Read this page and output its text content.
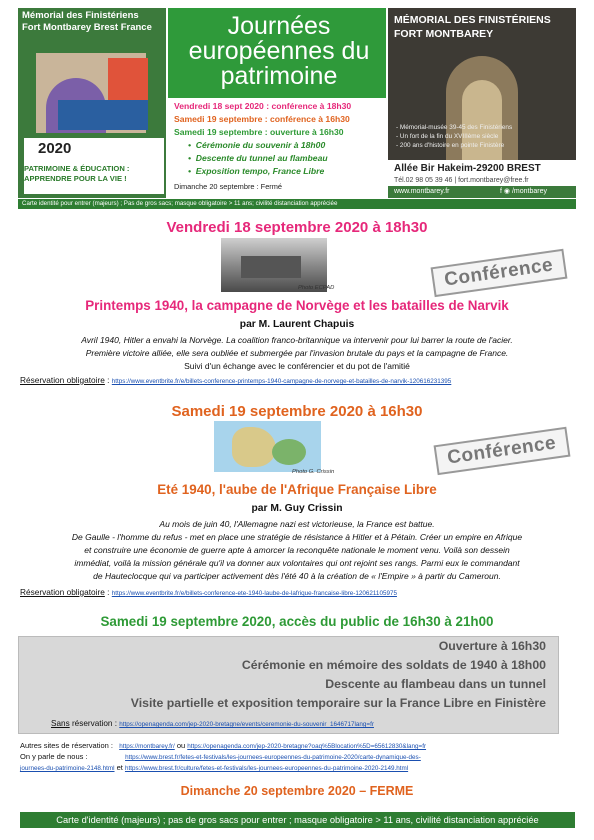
Mémorial des Finistériens
Fort Montbarey Brest France
2020
PATRIMOINE & ÉDUCATION :
APPRENDRE POUR LA VIE !
Journées européennes du patrimoine
Vendredi 18 sept 2020 : conférence à 18h30
Samedi 19 septembre : conférence à 16h30
Samedi 19 septembre : ouverture à 16h30
•  Cérémonie du souvenir à 18h00
•  Descente du tunnel au flambeau
•  Exposition tempo, France Libre
Dimanche 20 septembre : Fermé
MÉMORIAL DES FINISTÉRIENS
FORT MONTBAREY
- Mémorial-musée 39-45 des Finistériens
- Un fort de la fin du XVIIIème siècle
- 200 ans d'histoire en pointe Finistère
Allée Bir Hakeim-29200 BREST
Tél.02 98 05 39 46 | fort.montbarey@free.fr
www.montbarey.fr	f ◉ /montbarey
Carte identité pour entrer (majeurs) ; Pas de gros sacs; masque obligatoire > 11 ans; civilité distanciation appréciée
Vendredi 18 septembre 2020 à 18h30
Photo ECPAD	Conférence
Printemps 1940, la campagne de Norvège et les batailles de Narvik
par M. Laurent Chapuis
Avril 1940, Hitler a envahi la Norvège. La coalition franco-britannique va intervenir pour lui barrer la route de l'acier.
Première victoire alliée, elle sera oubliée et submergée par l'invasion brutale du pays et la campagne de France.
Suivi d'un échange avec le conférencier et du pot de l'amitié
Réservation obligatoire : https://www.eventbrite.fr/e/billets-conference-printemps-1940-campagne-de-norvege-et-batailles-de-narvik-120616231395
Samedi 19 septembre 2020 à 16h30
Photo G. Crissin
Conférence
Eté 1940, l'aube de l'Afrique Française Libre
par M. Guy Crissin
Au mois de juin 40, l'Allemagne nazi est victorieuse, la France est battue.
De Gaulle - l'homme du refus - met en place une stratégie de résistance à Hitler et à Pétain. Créer un empire en Afrique
et construire une économie de guerre apte à amorcer la reconquête nationale le moment venu. Voilà son dessein
immédiat, voilà la mission générale qu'il va donner aux volontaires qui ont rejoint ses rangs. Parmi eux le commandant
de Hauteclocque qui va participer activement dès l'été 40 à la création de « l'Empire » à partir du Cameroun.
Réservation obligatoire : https://www.eventbrite.fr/e/billets-conference-ete-1940-laube-de-lafrique-francaise-libre-120621105975
Samedi 19 septembre 2020, accès du public de 16h30 à 21h00
Ouverture à 16h30
Cérémonie en mémoire des soldats de 1940 à 18h00
Descente au flambeau dans un tunnel
Visite partielle et exposition temporaire sur la France Libre en Finistère
Sans réservation : https://openagenda.com/jep-2020-bretagne/events/ceremonie-du-souvenir_1646717lang=fr
Autres sites de réservation : https://montbarey.fr/ ou https://openagenda.com/jep-2020-bretagne?oaq%5Blocation%5D=65612830&lang=fr
On y parle de nous :	https://www.brest.fr/fetes-et-festivals/les-journees-europeennes-du-patrimoine-2020/carte-dynamique-des-
journees-du-patrimoine-2148.html et https://www.brest.fr/culture/fetes-et-festivals/les-journees-europeennes-du-patrimoine-2020-2149.html
Dimanche 20 septembre 2020 – FERME
Carte d'identité (majeurs) ; pas de gros sacs pour entrer ; masque obligatoire > 11 ans, civilité distanciation appréciée
